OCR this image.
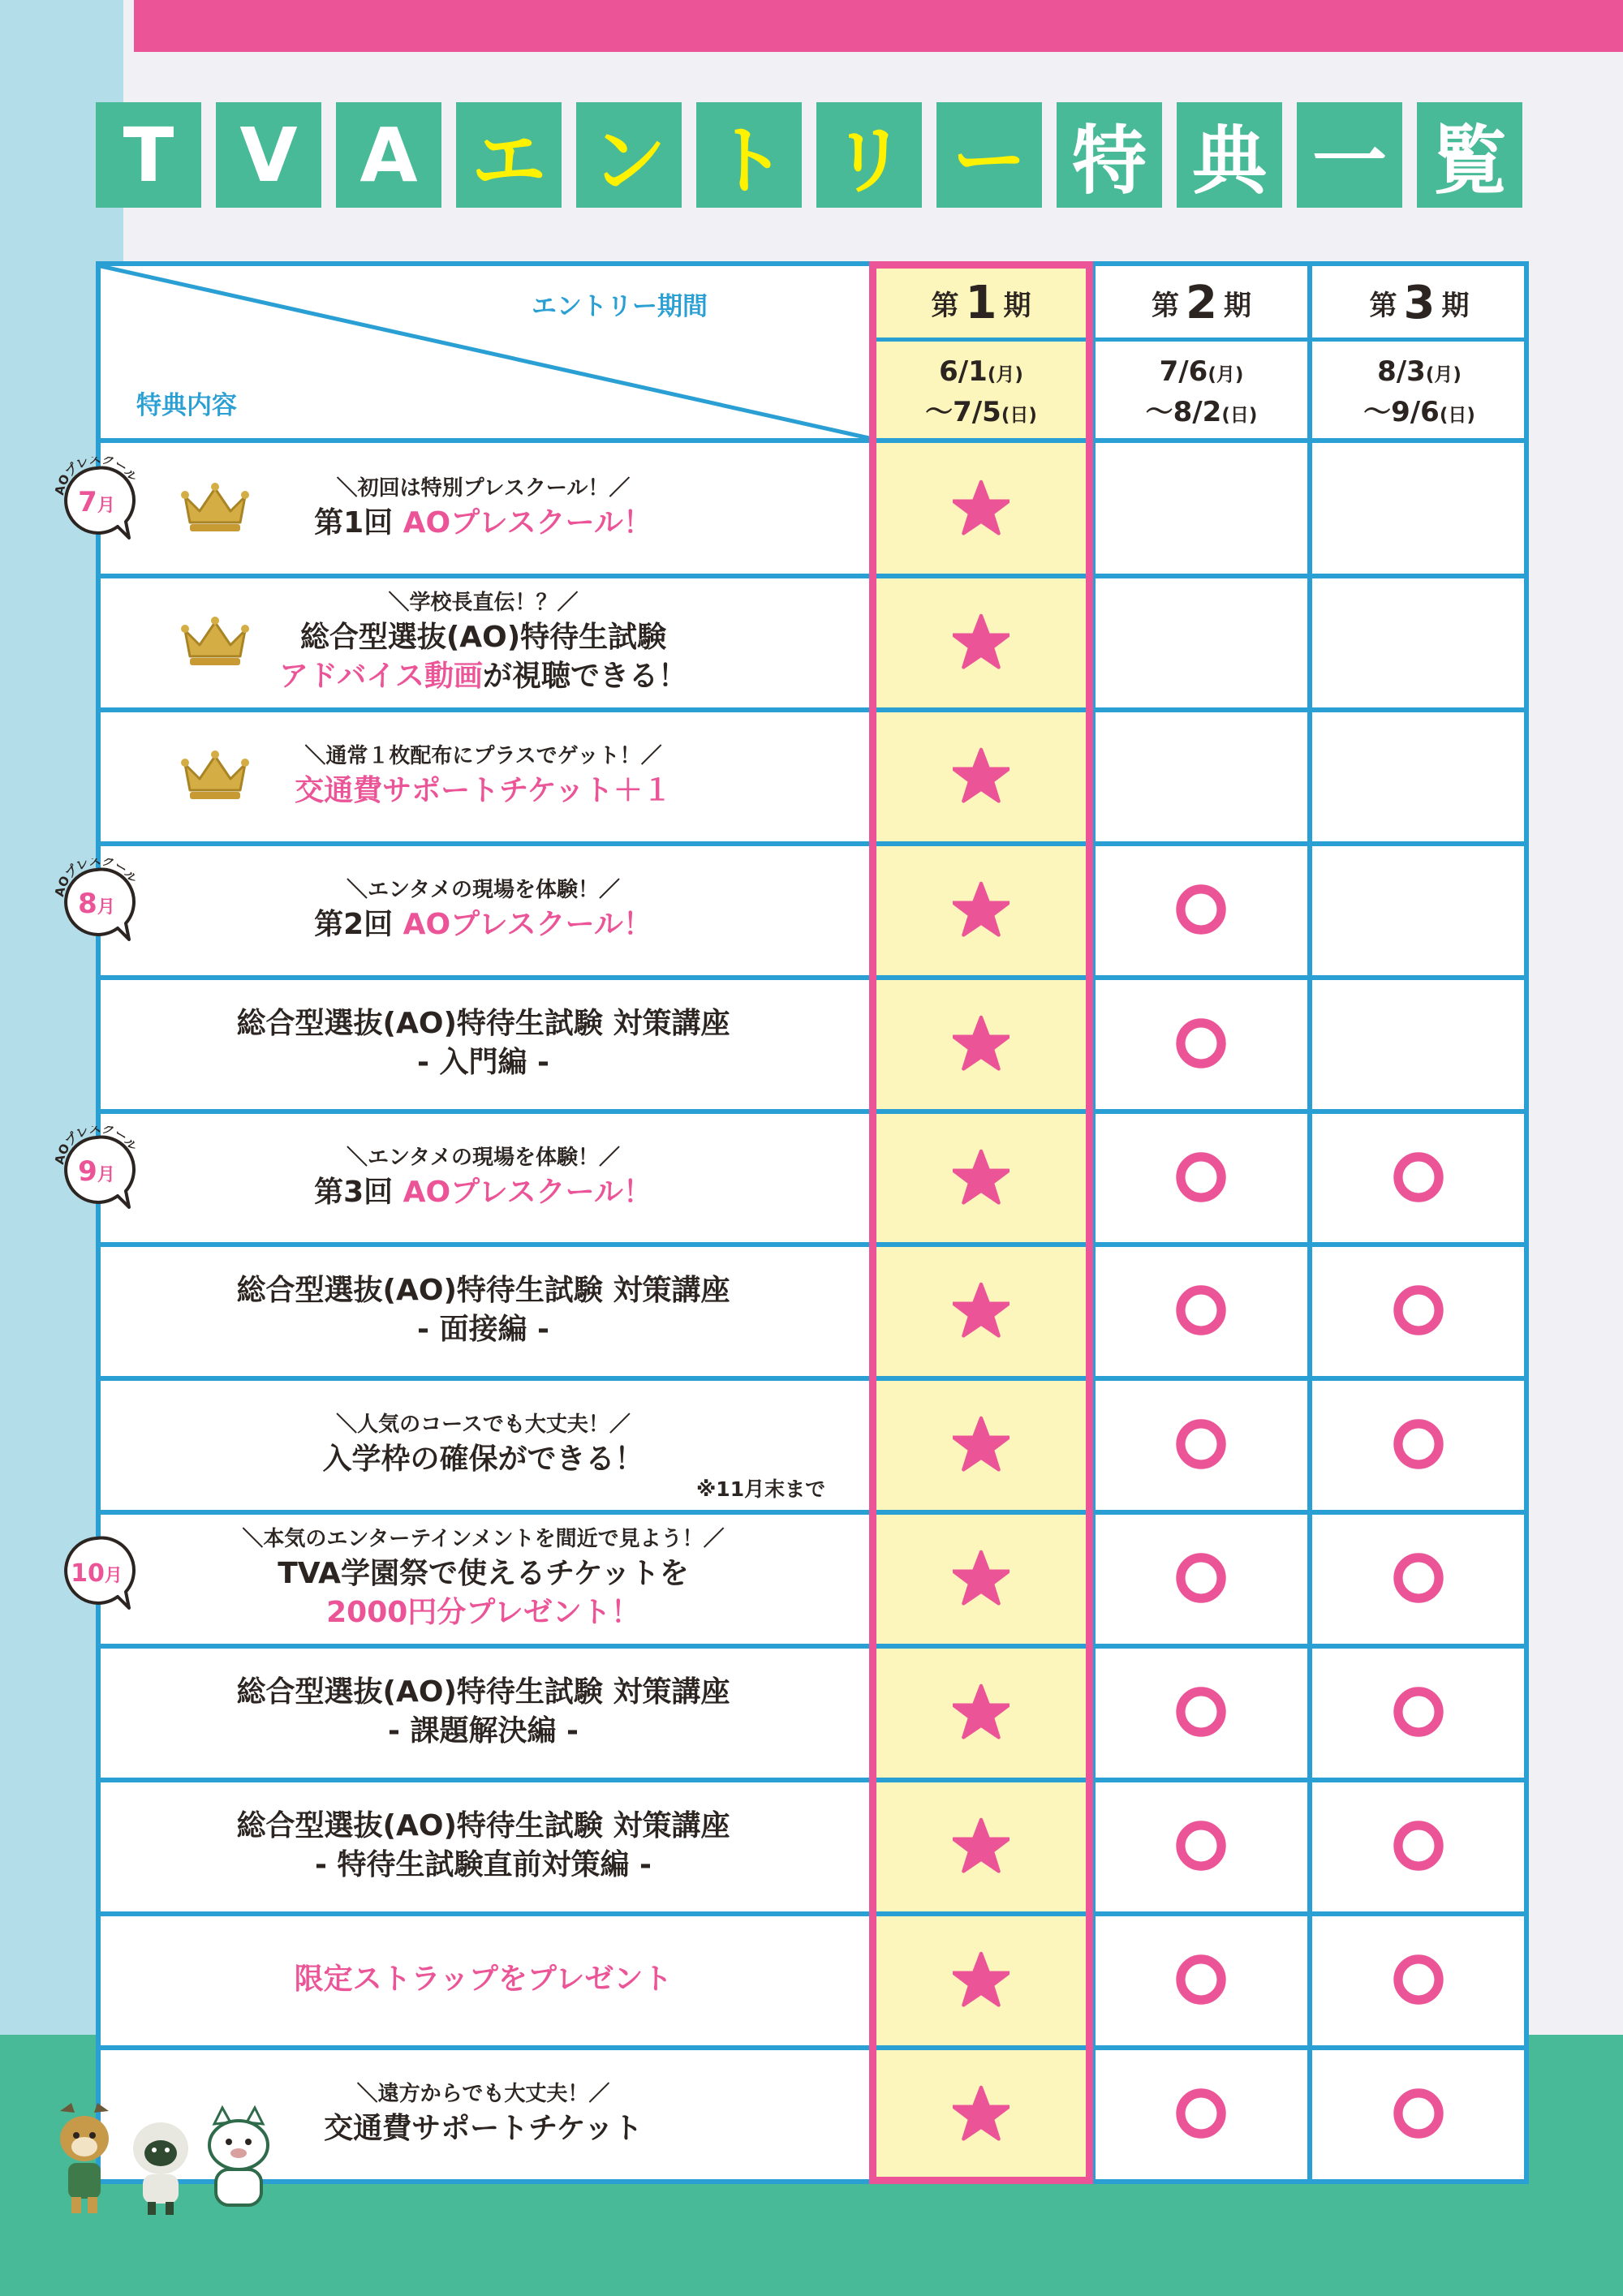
T V A エ ン ト リ ー 特 典 一 覧
エントリー期間
特典内容
第 1 期
6/1(月)
〜7/5(日)
第 2 期
7/6(月)
〜8/2(日)
第 3 期
8/3(月)
〜9/6(日)
＼初回は特別プレスクール！／
第1回 AOプレスクール！
＼学校長直伝！？／
総合型選抜(AO)特待生試験
アドバイス動画が視聴できる！
＼通常１枚配布にプラスでゲット！／
交通費サポートチケット＋１
＼エンタメの現場を体験！／
第2回 AOプレスクール！
総合型選抜(AO)特待生試験 対策講座
- 入門編 -
＼エンタメの現場を体験！／
第3回 AOプレスクール！
総合型選抜(AO)特待生試験 対策講座
- 面接編 -
＼人気のコースでも大丈夫！／
入学枠の確保ができる！
※11月末まで
＼本気のエンターテインメントを間近で見よう！／
TVA学園祭で使えるチケットを
2000円分プレゼント！
総合型選抜(AO)特待生試験 対策講座
- 課題解決編 -
総合型選抜(AO)特待生試験 対策講座
- 特待生試験直前対策編 -
限定ストラップをプレゼント
＼遠方からでも大丈夫！／
交通費サポートチケット
AOプレスクール
7月
AOプレスクール
8月
AOプレスクール
9月
10月
